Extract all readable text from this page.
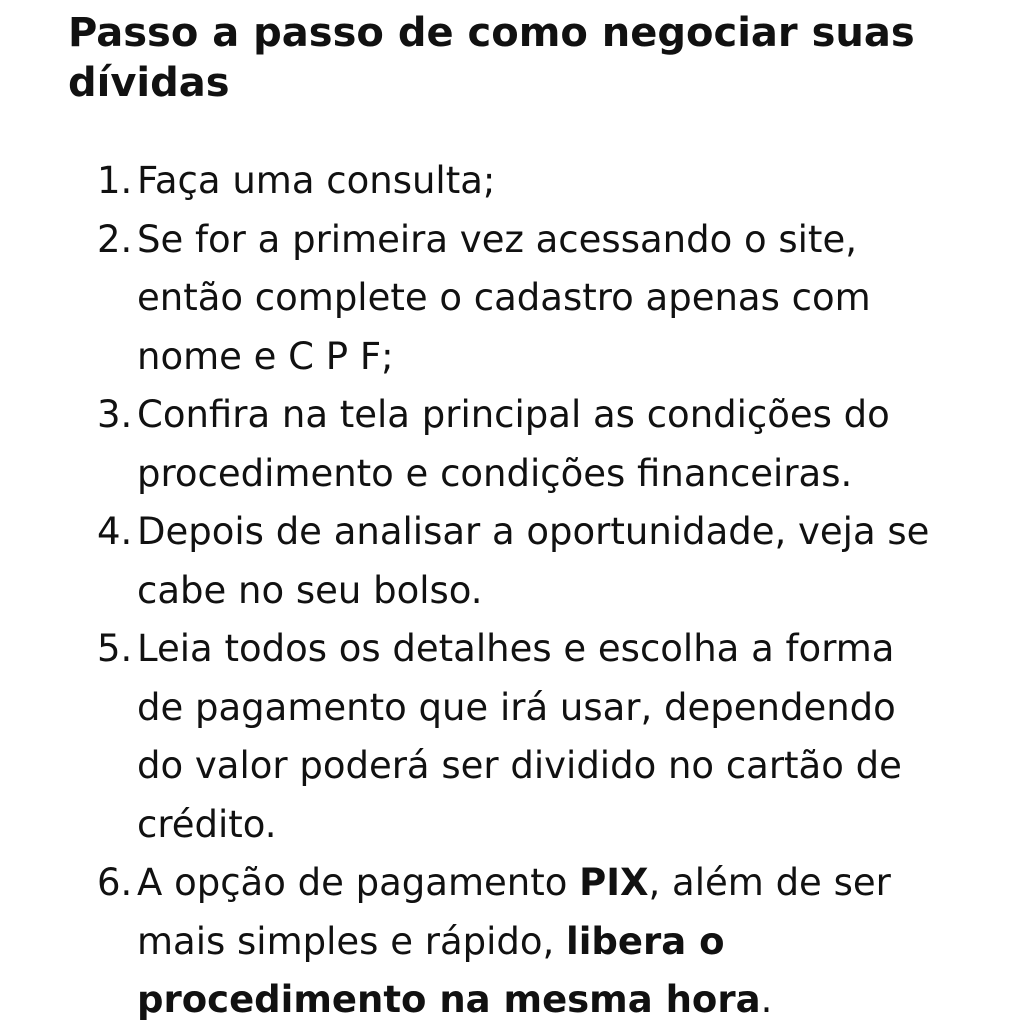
Passo a passo de como negociar suas dívidas
1. Faça uma consulta;
2. Se for a primeira vez acessando o site, então complete o cadastro apenas com nome e C P F;
3. Confira na tela principal as condições do procedimento e condições financeiras.
4. Depois de analisar a oportunidade, veja se cabe no seu bolso.
5. Leia todos os detalhes e escolha a forma de pagamento que irá usar, dependendo do valor poderá ser dividido no cartão de crédito.
6. A opção de pagamento PIX, além de ser mais simples e rápido, libera o procedimento na mesma hora.
